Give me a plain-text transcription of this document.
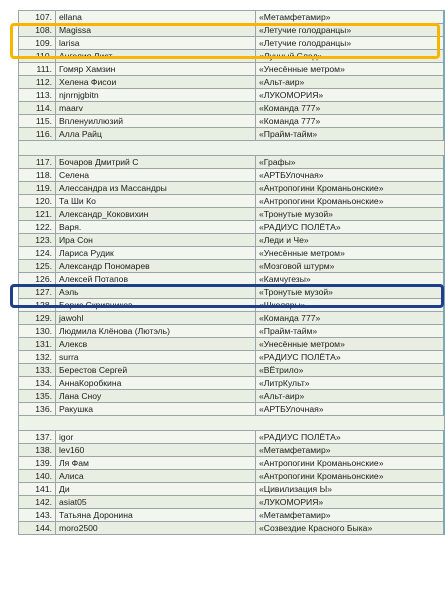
107.	ellana	«Метамфетамир»
108.	Magissa	«Летучие голодранцы»
109.	larisa	«Летучие голодранцы»
110.	Ангелия Лист	«Лунный След»
111.	Гомяр Хамзин	«Унесённые метром»
112.	Хелена Фисои	«Альт-аир»
113.	njnrnjgbitn	«ЛУКОМОРИЯ»
114.	maarv	«Команда 777»
115.	Впленуиллюзий	«Команда 777»
116.	Алла Райц	«Прайм-тайм»

117.	Бочаров Дмитрий С	«Графы»
118.	Селена	«АРТБУлочная»
119.	Алессандра из Массандры	«Антропогини Кроманьонские»
120.	Та Ши Ко	«Антропогини Кроманьонские»
121.	Александр_Коковихин	«Тронутые музой»
122.	Варя.	«РАДИУС ПОЛЁТА»
123.	Ира Сон	«Леди и Че»
124.	Лариса Рудик	«Унесённые метром»
125.	Александр Пономарев	«Мозговой штурм»
126.	Алексей Потапов	«Камчугезы»
127.	Аэль	«Тронутые музой»
128.	Борис Скрипников	«Школяры»
129.	jawohl	«Команда 777»
130.	Людмила Клёнова (Лютэль)	«Прайм-тайм»
131.	Алексв	«Унесённые метром»
132.	surra	«РАДИУС ПОЛЁТА»
133.	Берестов Сергей	«ВЁтрило»
134.	АннаКоробкина	«ЛитрКульт»
135.	Лана Сноу	«Альт-аир»
136.	Ракушка	«АРТБУлочная»

137.	igor	«РАДИУС ПОЛЁТА»
138.	lev160	«Метамфетамир»
139.	Ля Фам	«Антропогини Кроманьонские»
140.	Алиса	«Антропогини Кроманьонские»
141.	Ди	«Цивилизация Ы»
142.	asiat05	«ЛУКОМОРИЯ»
143.	Татьяна Доронина	«Метамфетамир»
144.	moro2500	«Созвездие Красного Быка»
